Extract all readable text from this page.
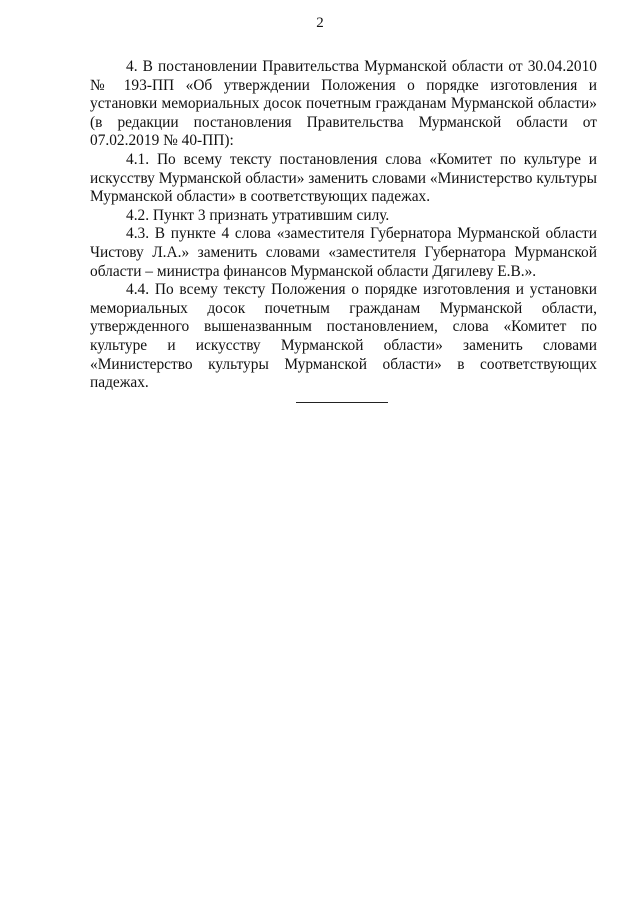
2

4. В постановлении Правительства Мурманской области от 30.04.2010 № 193-ПП «Об утверждении Положения о порядке изготовления и установки мемориальных досок почетным гражданам Мурманской области» (в редакции постановления Правительства Мурманской области от 07.02.2019 № 40-ПП):

4.1. По всему тексту постановления слова «Комитет по культуре и искусству Мурманской области» заменить словами «Министерство культуры Мурманской области» в соответствующих падежах.

4.2. Пункт 3 признать утратившим силу.

4.3. В пункте 4 слова «заместителя Губернатора Мурманской области Чистову Л.А.» заменить словами «заместителя Губернатора Мурманской области – министра финансов Мурманской области Дягилеву Е.В.».

4.4. По всему тексту Положения о порядке изготовления и установки мемориальных досок почетным гражданам Мурманской области, утвержденного вышеназванным постановлением, слова «Комитет по культуре и искусству Мурманской области» заменить словами «Министерство культуры Мурманской области» в соответствующих падежах.
